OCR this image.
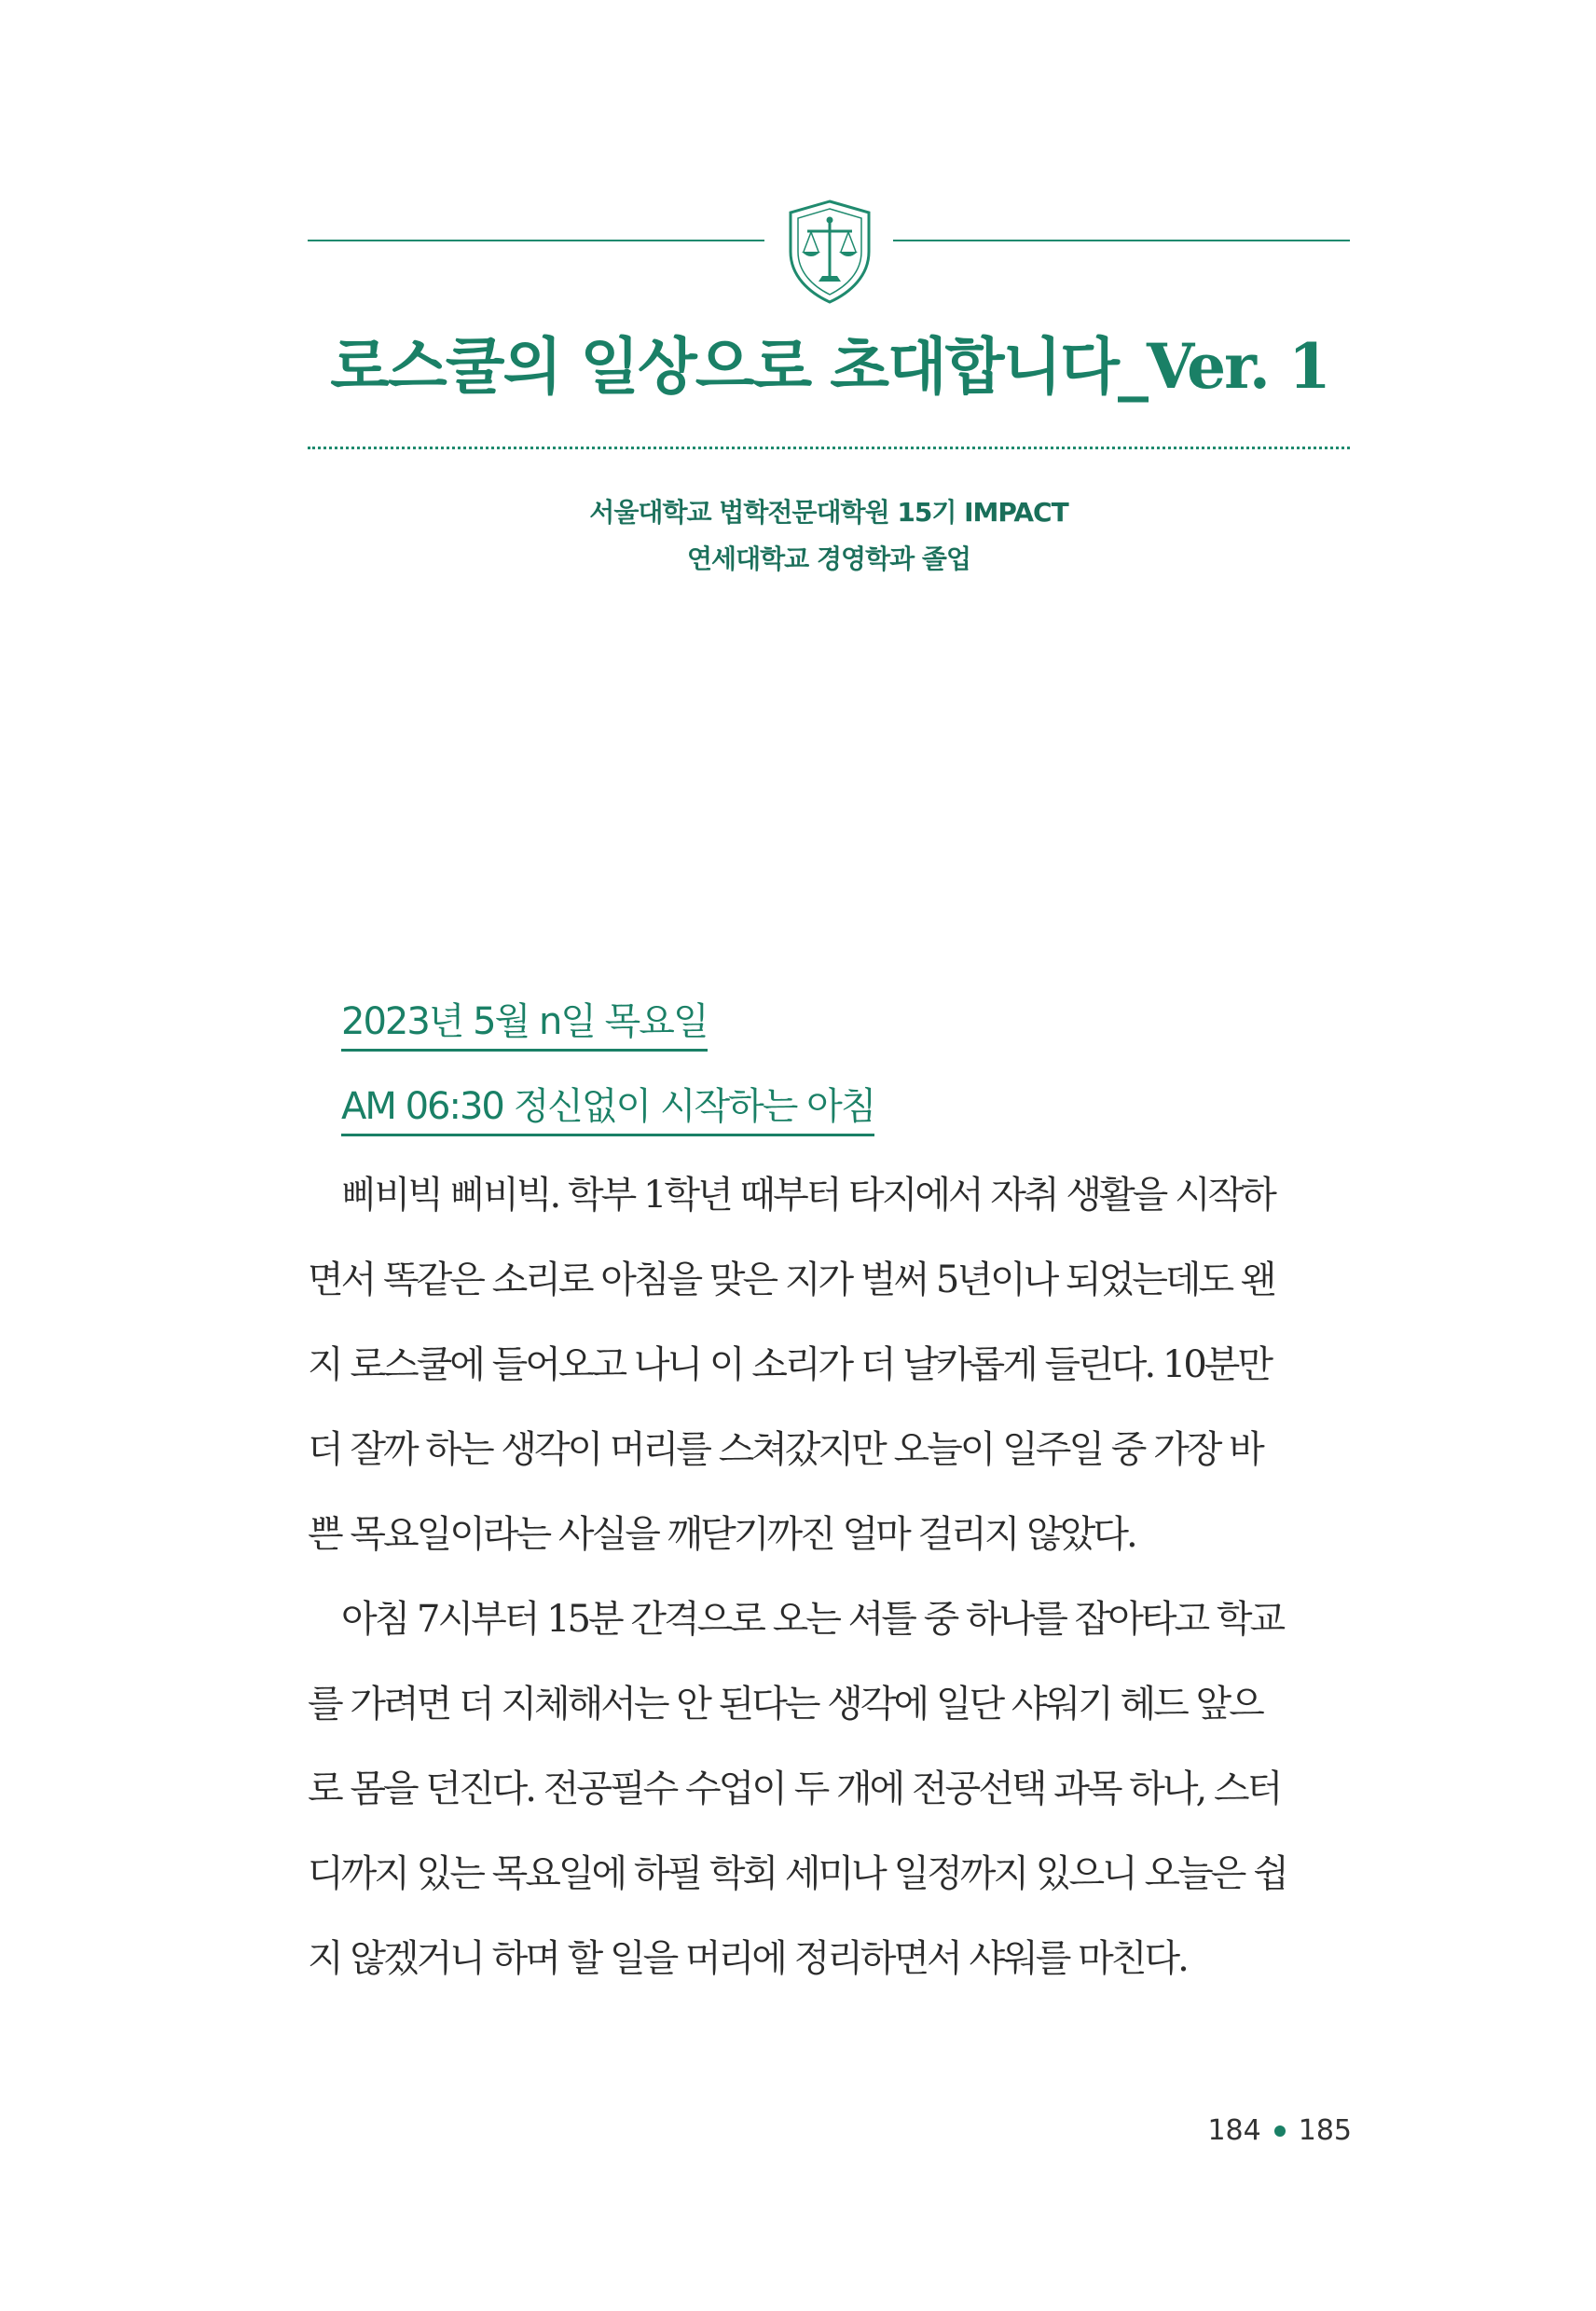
로스쿨의 일상으로 초대합니다_Ver. 1
서울대학교 법학전문대학원 15기 IMPACT
연세대학교 경영학과 졸업
2023년 5월 n일 목요일
AM 06:30 정신없이 시작하는 아침
삐비빅 삐비빅. 학부 1학년 때부터 타지에서 자취 생활을 시작하
면서 똑같은 소리로 아침을 맞은 지가 벌써 5년이나 되었는데도 왠
지 로스쿨에 들어오고 나니 이 소리가 더 날카롭게 들린다. 10분만
더 잘까 하는 생각이 머리를 스쳐갔지만 오늘이 일주일 중 가장 바
쁜 목요일이라는 사실을 깨닫기까진 얼마 걸리지 않았다.
아침 7시부터 15분 간격으로 오는 셔틀 중 하나를 잡아타고 학교
를 가려면 더 지체해서는 안 된다는 생각에 일단 샤워기 헤드 앞으
로 몸을 던진다. 전공필수 수업이 두 개에 전공선택 과목 하나, 스터
디까지 있는 목요일에 하필 학회 세미나 일정까지 있으니 오늘은 쉽
지 않겠거니 하며 할 일을 머리에 정리하면서 샤워를 마친다.
184 185
